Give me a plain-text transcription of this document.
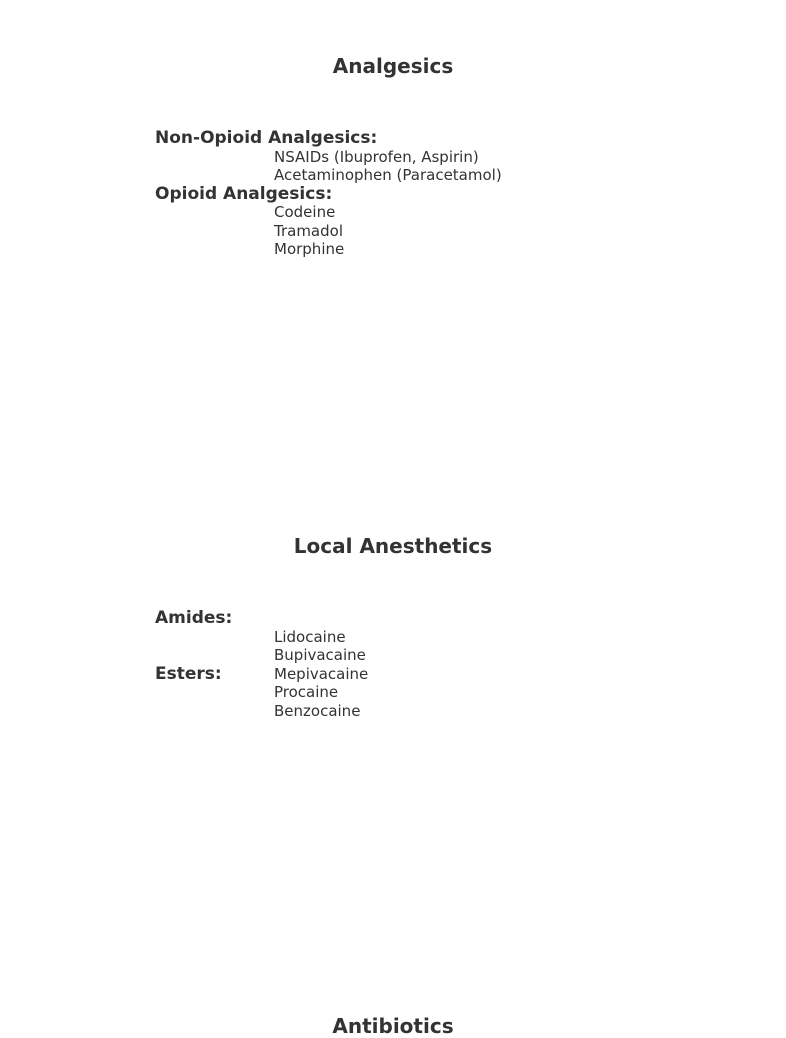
Analgesics
Non-Opioid Analgesics:
NSAIDs (Ibuprofen, Aspirin)
Acetaminophen (Paracetamol)
Opioid Analgesics:
Codeine
Tramadol
Morphine
Local Anesthetics
Amides:
Lidocaine
Bupivacaine
Mepivacaine
Esters:
Procaine
Benzocaine
Antibiotics
